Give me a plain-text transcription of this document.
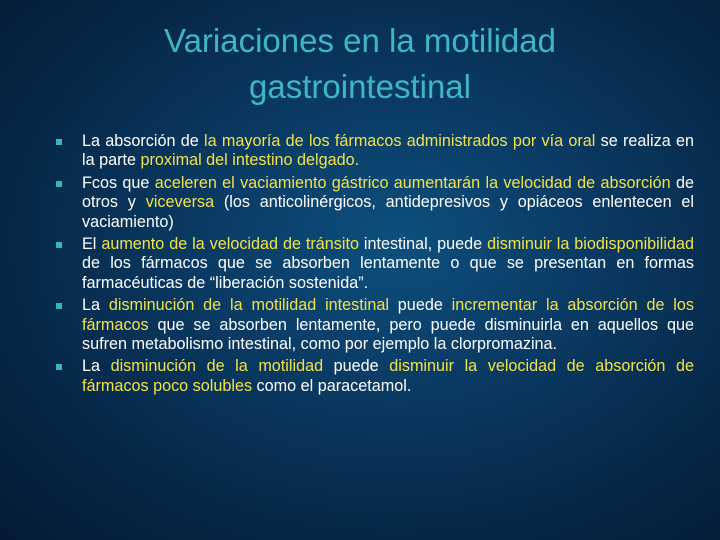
Variaciones en la motilidad
gastrointestinal
La absorción de la mayoría de los fármacos administrados por vía oral se realiza en la parte proximal del intestino delgado.
Fcos que aceleren el vaciamiento gástrico aumentarán la velocidad de absorción de otros y viceversa (los anticolinérgicos, antidepresivos y opiáceos enlentecen el vaciamiento)
El aumento de la velocidad de tránsito intestinal, puede disminuir la biodisponibilidad de los fármacos que se absorben lentamente o que se presentan en formas farmacéuticas de “liberación sostenida”.
La disminución de la motilidad intestinal puede incrementar la absorción de los fármacos que se absorben lentamente, pero puede disminuirla en aquellos que sufren metabolismo intestinal, como por ejemplo la clorpromazina.
La disminución de la motilidad puede disminuir la velocidad de absorción de fármacos poco solubles como el paracetamol.
